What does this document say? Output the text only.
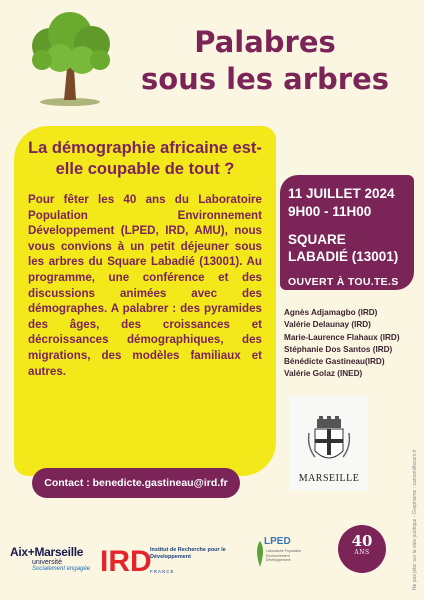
Palabres
sous les arbres
La démographie africaine est-elle coupable de tout ?
Pour fêter les 40 ans du Laboratoire Population Environnement Développement (LPED, IRD, AMU), nous vous convions à un petit déjeuner sous les arbres du Square Labadié (13001). Au programme, une conférence et des discussions animées avec des démographes. A palabrer : des pyramides des âges, des croissances et décroissances démographiques, des migrations, des modèles familiaux et autres.
11 JUILLET 2024
9H00 - 11H00
SQUARE
LABADIÉ (13001)
OUVERT À TOU.TE.S
Agnès Adjamagbo (IRD)
Valérie Delaunay (IRD)
Marie-Laurence Flahaux (IRD)
Stéphanie Dos Santos (IRD)
Bénédicte Gastineau(IRD)
Valérie Golaz (INED)
MARSEILLE
Contact : benedicte.gastineau@ird.fr
Aix+Marseille
université
Socialement engagée IRD
Institut de Recherche pour le Développement
FRANCE
LPED
Laboratoire Population Environnement Développement
40
ANS	Ne pas jeter sur la voie publique - Graphisme : camomillecom.fr
